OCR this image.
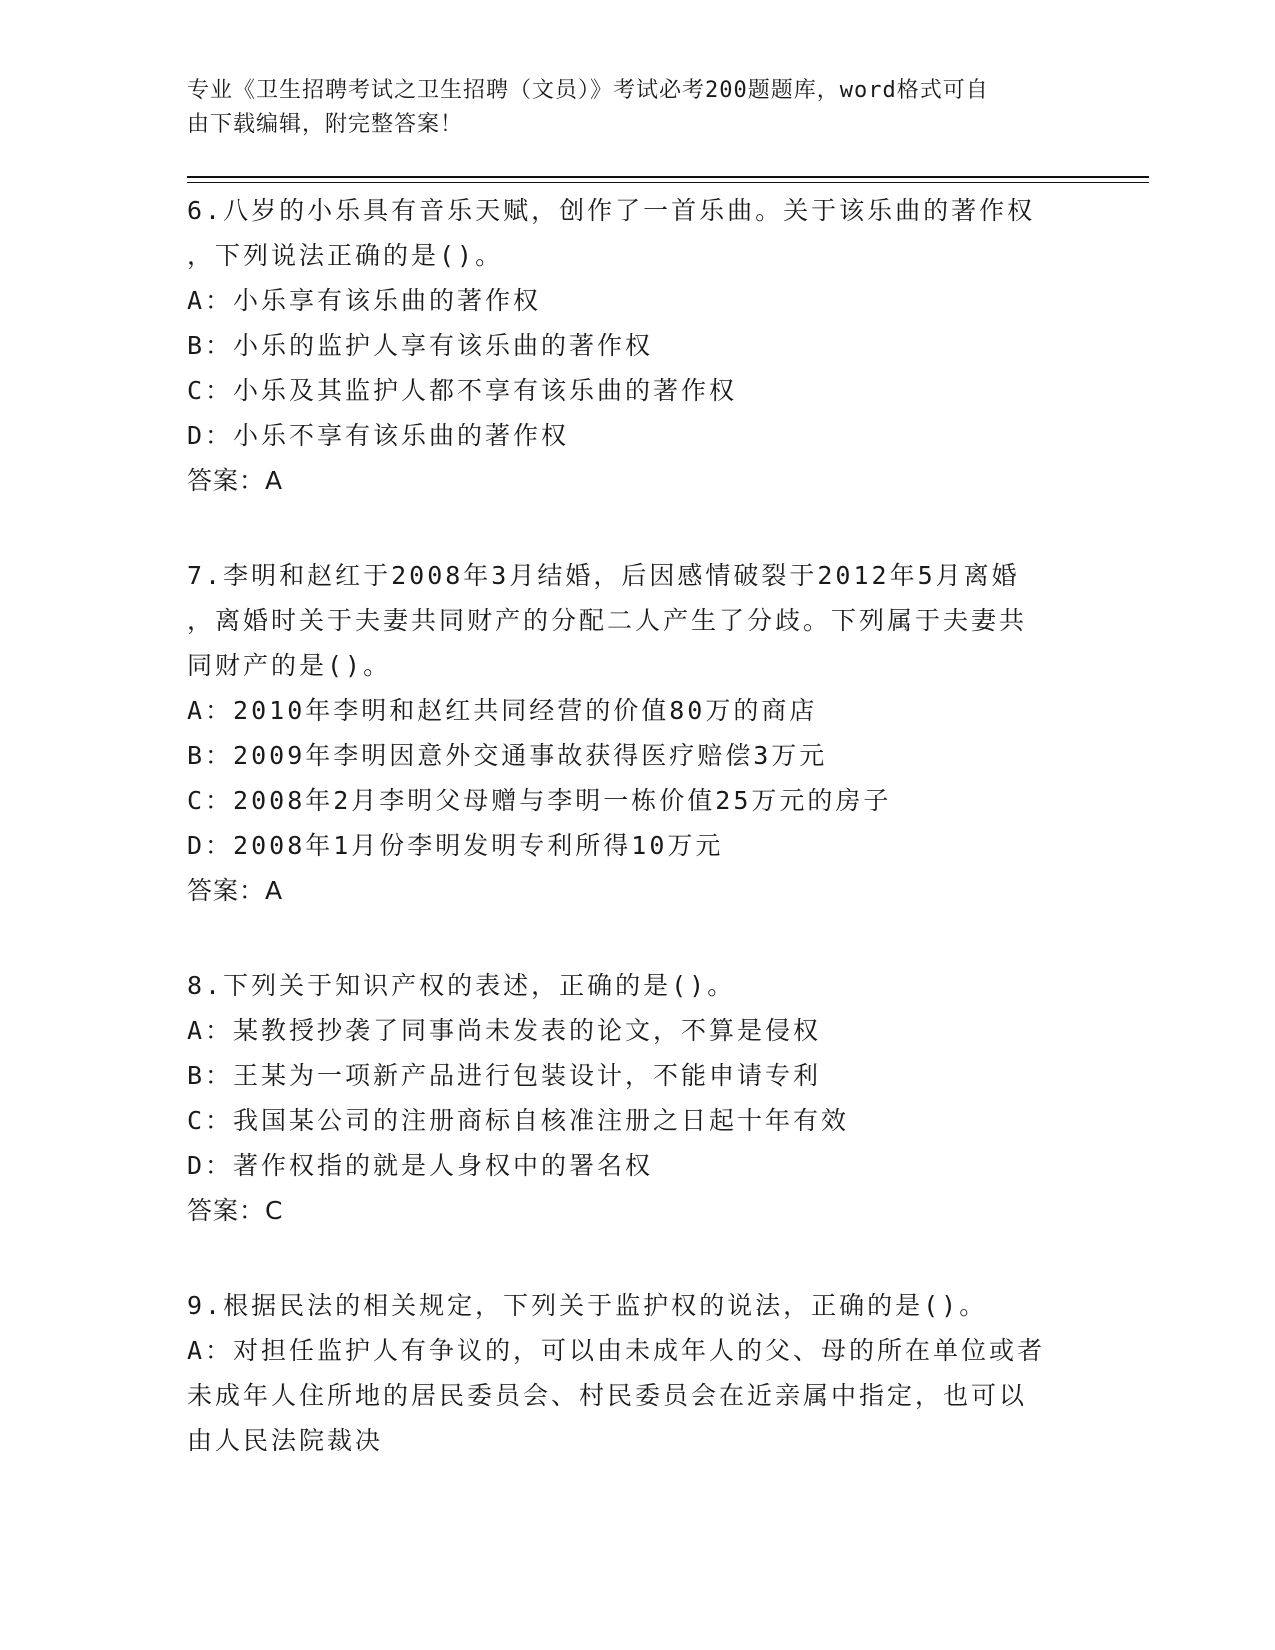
专业《卫生招聘考试之卫生招聘（文员）》考试必考200题题库，word格式可自
由下载编辑，附完整答案！
6.八岁的小乐具有音乐天赋，创作了一首乐曲。关于该乐曲的著作权
，下列说法正确的是()。
A：小乐享有该乐曲的著作权
B：小乐的监护人享有该乐曲的著作权
C：小乐及其监护人都不享有该乐曲的著作权
D：小乐不享有该乐曲的著作权
答案：A
7.李明和赵红于2008年3月结婚，后因感情破裂于2012年5月离婚
，离婚时关于夫妻共同财产的分配二人产生了分歧。下列属于夫妻共
同财产的是()。
A：2010年李明和赵红共同经营的价值80万的商店
B：2009年李明因意外交通事故获得医疗赔偿3万元
C：2008年2月李明父母赠与李明一栋价值25万元的房子
D：2008年1月份李明发明专利所得10万元
答案：A
8.下列关于知识产权的表述，正确的是()。
A：某教授抄袭了同事尚未发表的论文，不算是侵权
B：王某为一项新产品进行包装设计，不能申请专利
C：我国某公司的注册商标自核准注册之日起十年有效
D：著作权指的就是人身权中的署名权
答案：C
9.根据民法的相关规定，下列关于监护权的说法，正确的是()。
A：对担任监护人有争议的，可以由未成年人的父、母的所在单位或者
未成年人住所地的居民委员会、村民委员会在近亲属中指定，也可以
由人民法院裁决
